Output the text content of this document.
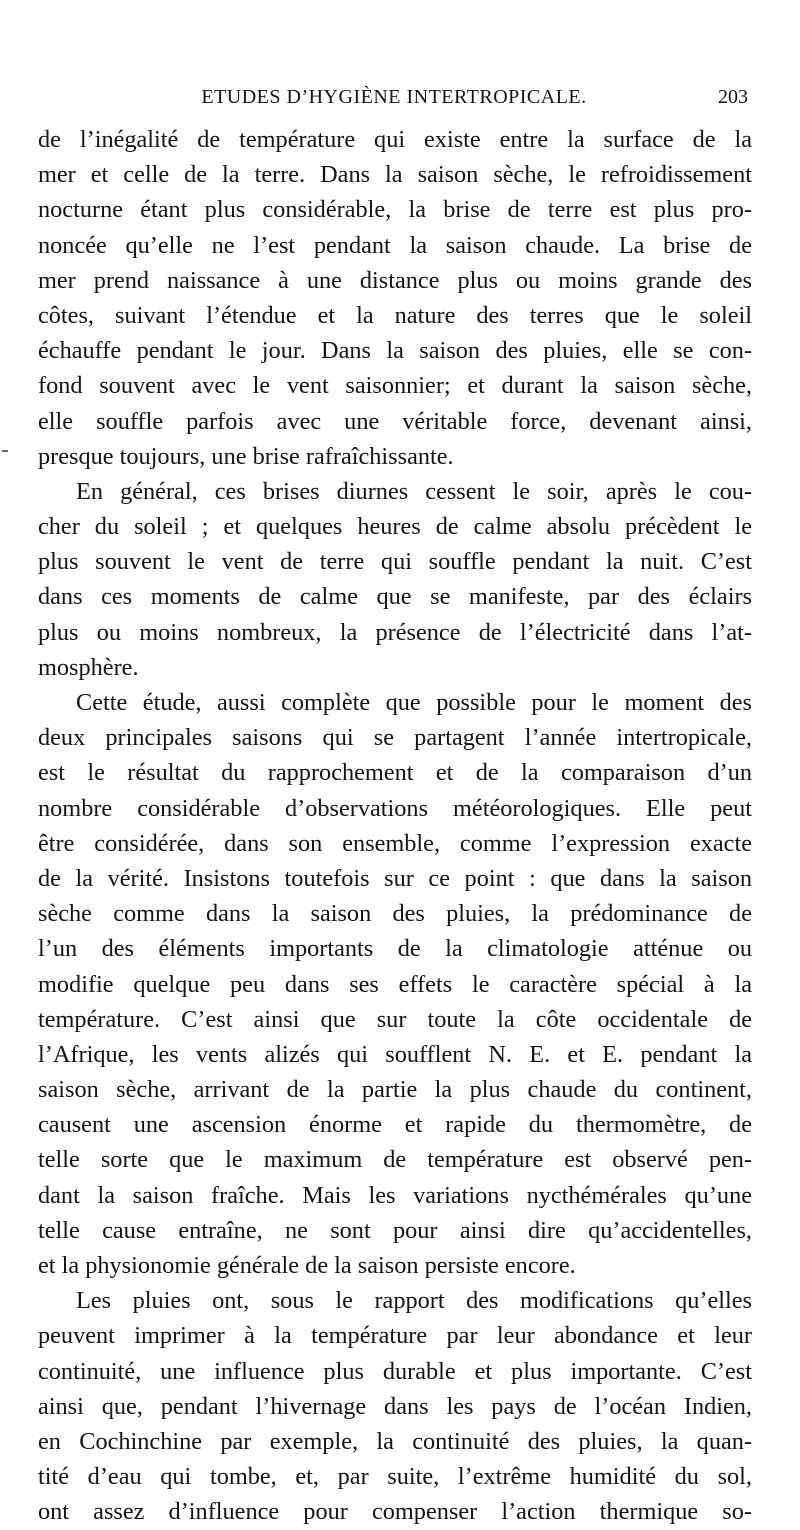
ETUDES D’HYGIÈNE INTERTROPICALE.	203
de l’inégalité de température qui existe entre la surface de la
mer et celle de la terre. Dans la saison sèche, le refroidissement
nocturne étant plus considérable, la brise de terre est plus pro-
noncée qu’elle ne l’est pendant la saison chaude. La brise de
mer prend naissance à une distance plus ou moins grande des
côtes, suivant l’étendue et la nature des terres que le soleil
échauffe pendant le jour. Dans la saison des pluies, elle se con-
fond souvent avec le vent saisonnier; et durant la saison sèche,
elle souffle parfois avec une véritable force, devenant ainsi,
presque toujours, une brise rafraîchissante.
En général, ces brises diurnes cessent le soir, après le cou-
cher du soleil ; et quelques heures de calme absolu précèdent le
plus souvent le vent de terre qui souffle pendant la nuit. C’est
dans ces moments de calme que se manifeste, par des éclairs
plus ou moins nombreux, la présence de l’électricité dans l’at-
mosphère.
Cette étude, aussi complète que possible pour le moment des
deux principales saisons qui se partagent l’année intertropicale,
est le résultat du rapprochement et de la comparaison d’un
nombre considérable d’observations météorologiques. Elle peut
être considérée, dans son ensemble, comme l’expression exacte
de la vérité. Insistons toutefois sur ce point : que dans la saison
sèche comme dans la saison des pluies, la prédominance de
l’un des éléments importants de la climatologie atténue ou
modifie quelque peu dans ses effets le caractère spécial à la
température. C’est ainsi que sur toute la côte occidentale de
l’Afrique, les vents alizés qui soufflent N. E. et E. pendant la
saison sèche, arrivant de la partie la plus chaude du continent,
causent une ascension énorme et rapide du thermomètre, de
telle sorte que le maximum de température est observé pen-
dant la saison fraîche. Mais les variations nycthémérales qu’une
telle cause entraîne, ne sont pour ainsi dire qu’accidentelles,
et la physionomie générale de la saison persiste encore.
Les pluies ont, sous le rapport des modifications qu’elles
peuvent imprimer à la température par leur abondance et leur
continuité, une influence plus durable et plus importante. C’est
ainsi que, pendant l’hivernage dans les pays de l’océan Indien,
en Cochinchine par exemple, la continuité des pluies, la quan-
tité d’eau qui tombe, et, par suite, l’extrême humidité du sol,
ont assez d’influence pour compenser l’action thermique so-
